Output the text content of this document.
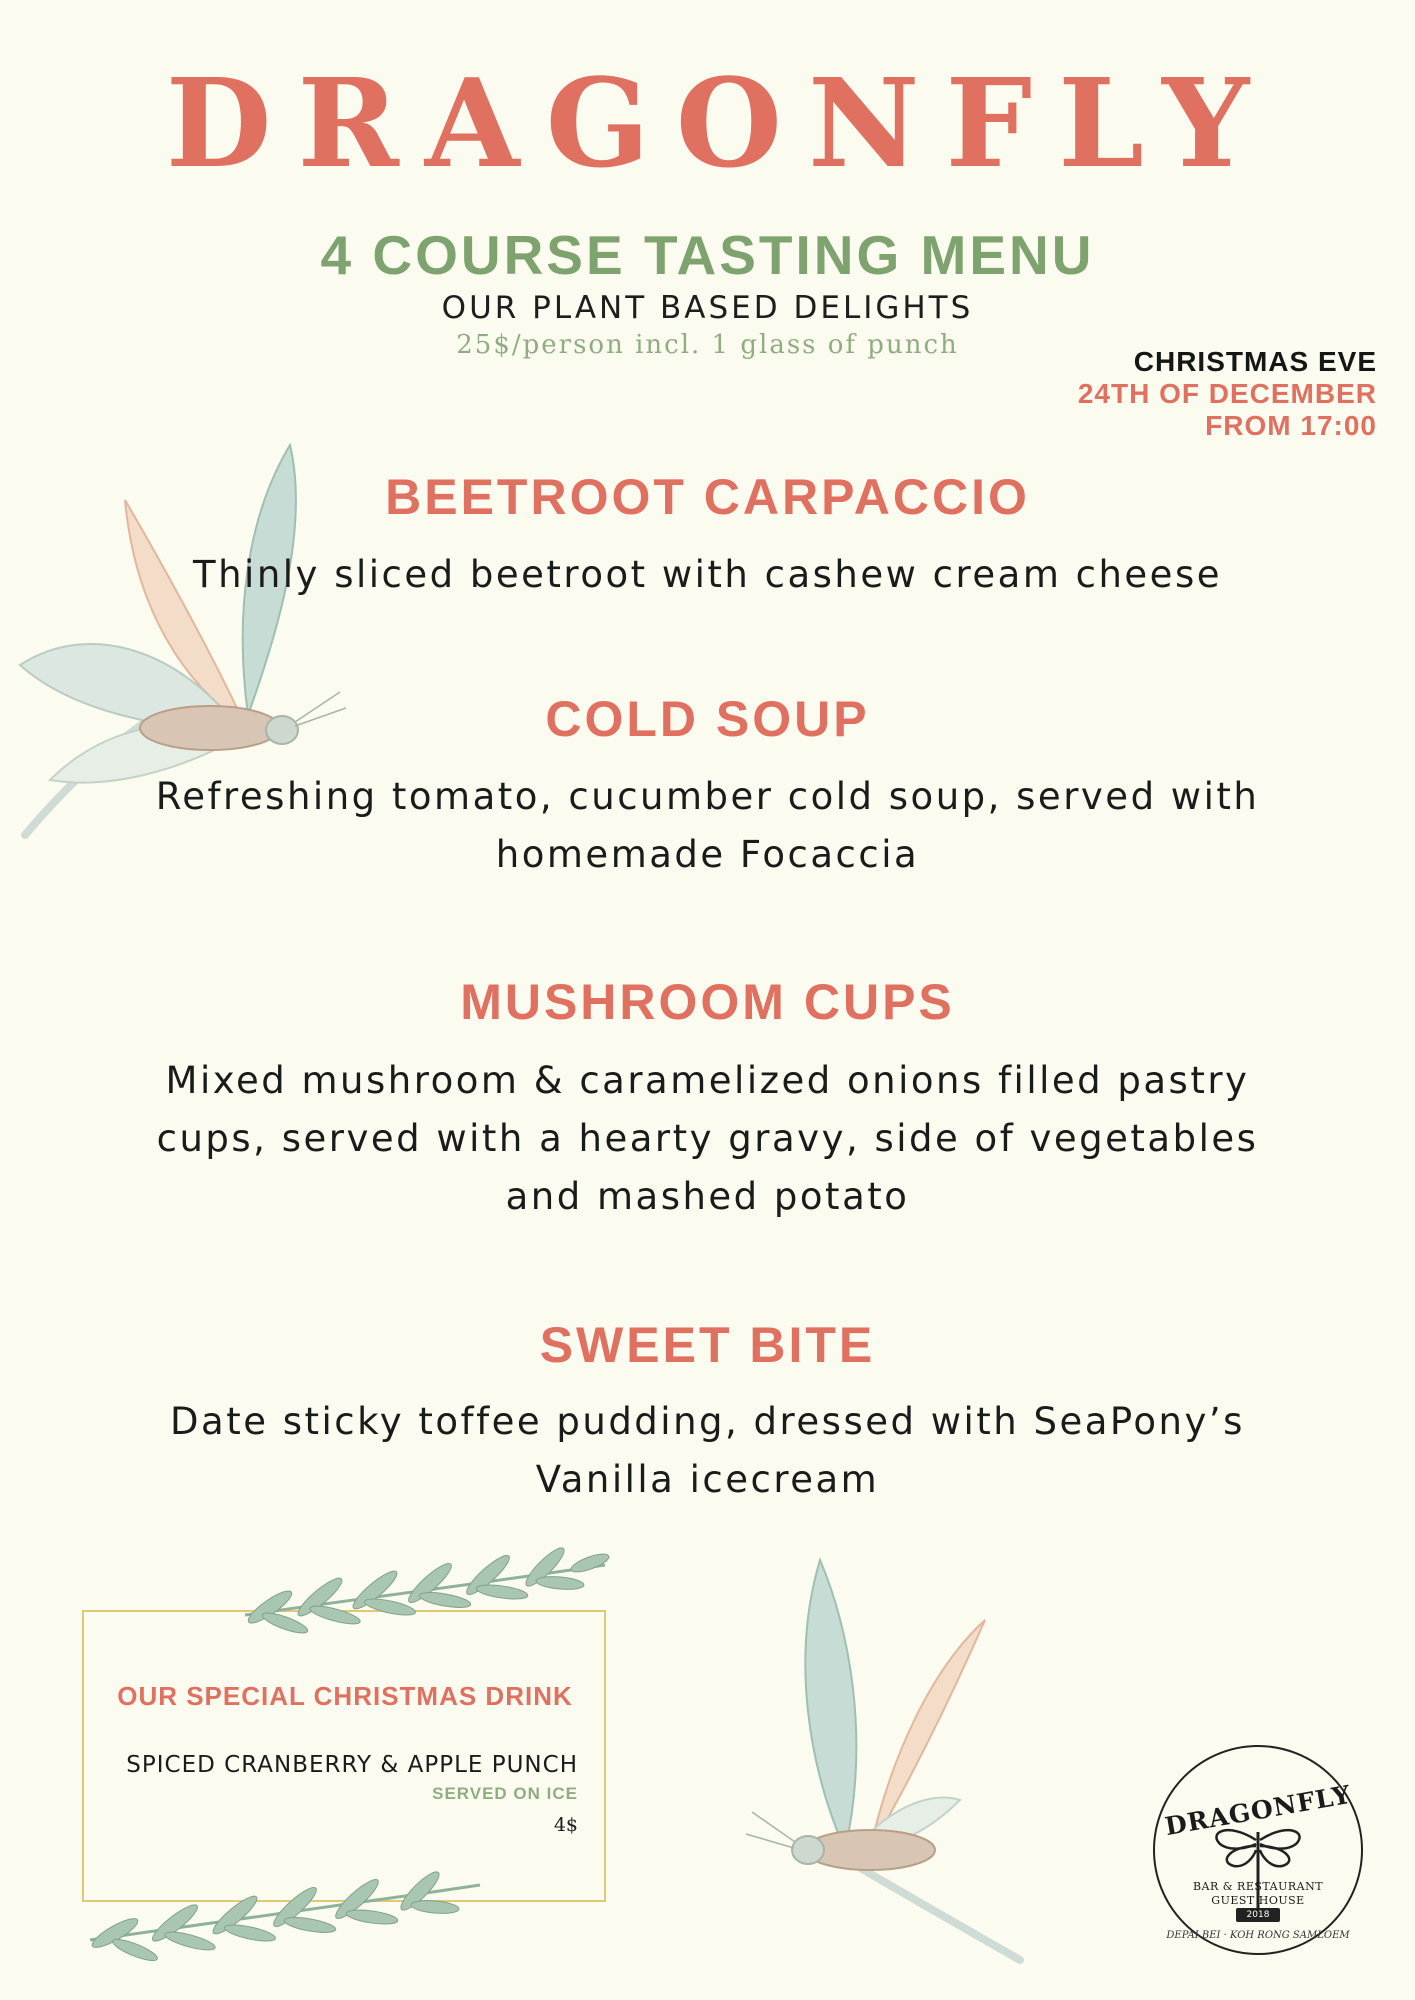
DRAGONFLY
4 COURSE TASTING MENU
OUR PLANT BASED DELIGHTS
25$/person incl. 1 glass of punch
CHRISTMAS EVE
24TH OF DECEMBER
FROM 17:00
BEETROOT CARPACCIO
Thinly sliced beetroot with cashew cream cheese
COLD SOUP
Refreshing tomato, cucumber cold soup, served with
homemade Focaccia
MUSHROOM CUPS
Mixed mushroom & caramelized onions filled pastry
cups, served with a hearty gravy, side of vegetables
and mashed potato
SWEET BITE
Date sticky toffee pudding, dressed with SeaPony’s
Vanilla icecream
OUR SPECIAL CHRISTMAS DRINK
SPICED CRANBERRY & APPLE PUNCH
SERVED ON ICE
4$	DRAGONFLY
BAR & RESTAURANT
GUEST HOUSE
2018
DEPAI BEI · KOH RONG SAMLOEM
